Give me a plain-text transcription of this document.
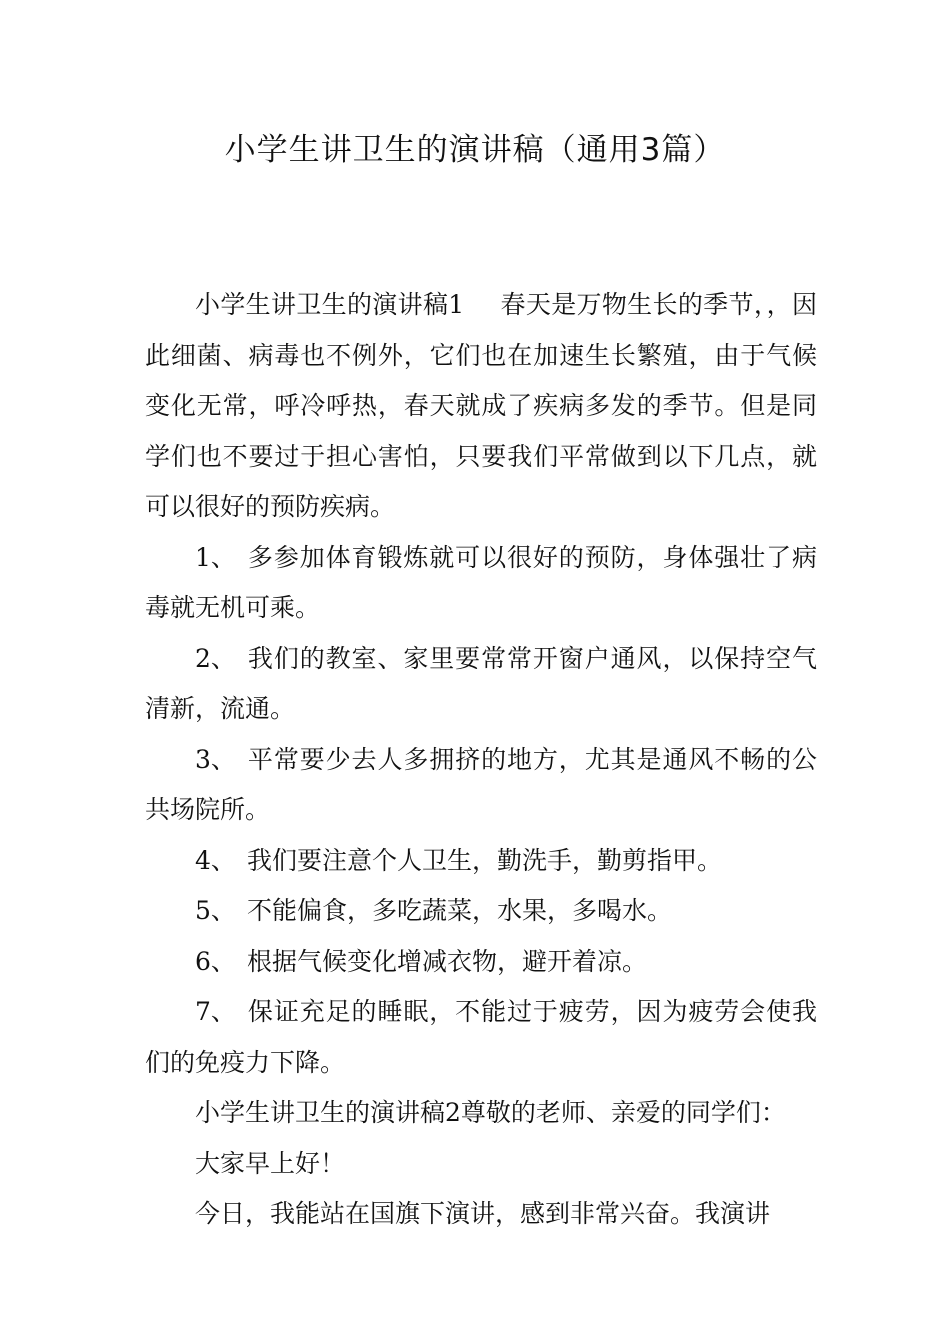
小学生讲卫生的演讲稿（通用3篇）

小学生讲卫生的演讲稿1 春天是万物生长的季节，，因此细菌、病毒也不例外，它们也在加速生长繁殖，由于气候变化无常，呼冷呼热，春天就成了疾病多发的季节。但是同学们也不要过于担心害怕，只要我们平常做到以下几点，就可以很好的预防疾病。

1、 多参加体育锻炼就可以很好的预防，身体强壮了病毒就无机可乘。

2、 我们的教室、家里要常常开窗户通风，以保持空气清新，流通。

3、 平常要少去人多拥挤的地方，尤其是通风不畅的公共场院所。

4、 我们要注意个人卫生，勤洗手，勤剪指甲。

5、 不能偏食，多吃蔬菜，水果，多喝水。

6、 根据气候变化增减衣物，避开着凉。

7、 保证充足的睡眠，不能过于疲劳，因为疲劳会使我们的免疫力下降。

小学生讲卫生的演讲稿2尊敬的老师、亲爱的同学们：

大家早上好！

今日，我能站在国旗下演讲，感到非常兴奋。我演讲
